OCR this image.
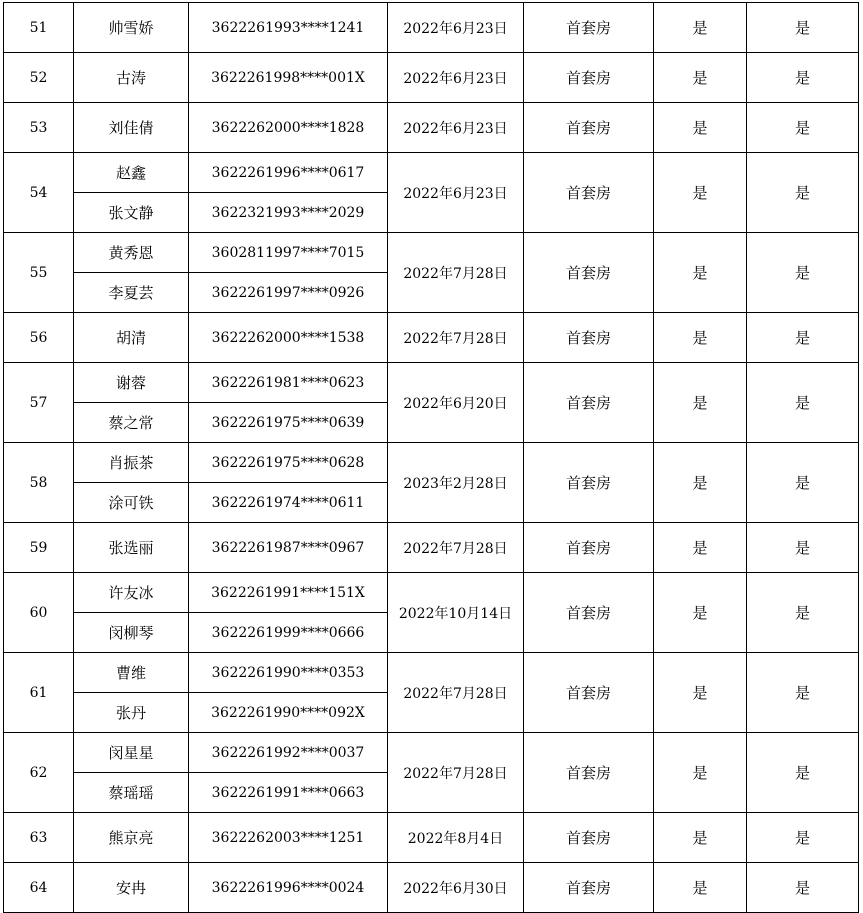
51	帅雪娇	3622261993****1241	2022年6月23日	首套房	是	是
52	古涛	3622261998****001X	2022年6月23日	首套房	是	是
53	刘佳倩	3622262000****1828	2022年6月23日	首套房	是	是
54	赵鑫	3622261996****0617	2022年6月23日	首套房	是	是
	张文静	3622321993****2029				
55	黄秀恩	3602811997****7015	2022年7月28日	首套房	是	是
	李夏芸	3622261997****0926				
56	胡清	3622262000****1538	2022年7月28日	首套房	是	是
57	谢蓉	3622261981****0623	2022年6月20日	首套房	是	是
	蔡之常	3622261975****0639				
58	肖振茶	3622261975****0628	2023年2月28日	首套房	是	是
	涂可铁	3622261974****0611				
59	张选丽	3622261987****0967	2022年7月28日	首套房	是	是
60	许友冰	3622261991****151X	2022年10月14日	首套房	是	是
	闵柳琴	3622261999****0666				
61	曹维	3622261990****0353	2022年7月28日	首套房	是	是
	张丹	3622261990****092X				
62	闵星星	3622261992****0037	2022年7月28日	首套房	是	是
	蔡瑶瑶	3622261991****0663				
63	熊京亮	3622262003****1251	2022年8月4日	首套房	是	是
64	安冉	3622261996****0024	2022年6月30日	首套房	是	是
